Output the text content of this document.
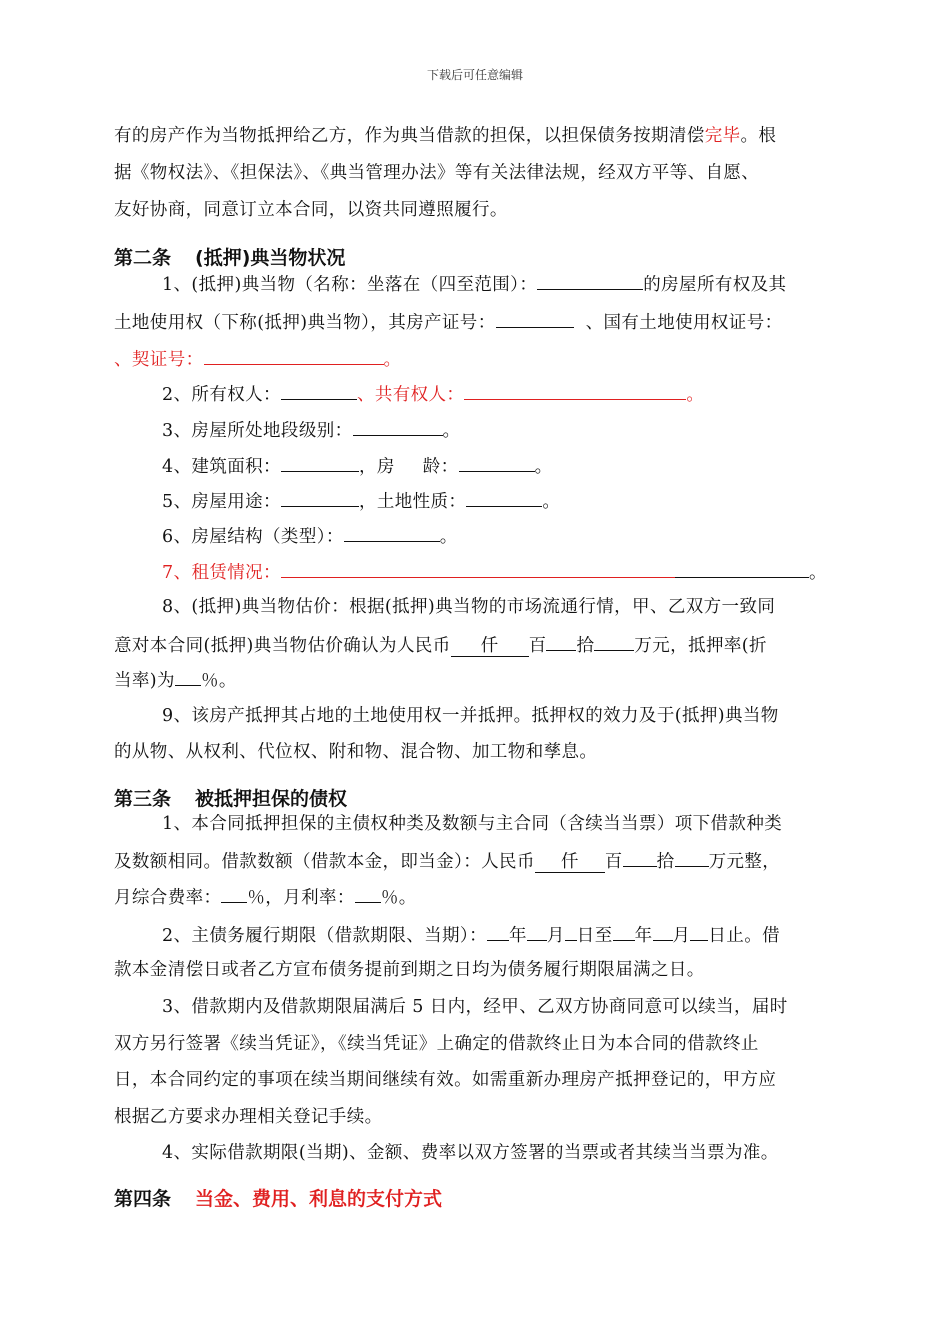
下载后可任意编辑
有的房产作为当物抵押给乙方，作为典当借款的担保，以担保债务按期清偿完毕。根
据《物权法》、《担保法》、《典当管理办法》等有关法律法规，经双方平等、自愿、
友好协商，同意订立本合同，以资共同遵照履行。
第二条 (抵押)典当物状况
1、(抵押)典当物（名称：坐落在（四至范围）：	的房屋所有权及其
土地使用权（下称(抵押)典当物），其房产证号：	、国有土地使用权证号：
、契证号：	。
2、所有权人：	、共有权人：	。
3、房屋所处地段级别：	。
4、建筑面积：	，房 龄：	。
5、房屋用途：	，土地性质：	。
6、房屋结构（类型）：	。
7、租赁情况：	。
8、(抵押)典当物估价：根据(抵押)典当物的市场流通行情，甲、乙双方一致同
意对本合同(抵押)典当物估价确认为人民币 仟 百 拾 万元，抵押率(折
当率)为 ％。
9、该房产抵押其占地的土地使用权一并抵押。抵押权的效力及于(抵押)典当物
的从物、从权利、代位权、附和物、混合物、加工物和孳息。
第三条 被抵押担保的债权
1、本合同抵押担保的主债权种类及数额与主合同（含续当当票）项下借款种类
及数额相同。借款数额（借款本金，即当金）：人民币 仟 百 拾 万元整，
月综合费率： ％，月利率： ％。
2、主债务履行期限（借款期限、当期）： 年 月 日至 年 月 日止。借
款本金清偿日或者乙方宣布债务提前到期之日均为债务履行期限届满之日。
3、借款期内及借款期限届满后 5 日内，经甲、乙双方协商同意可以续当，届时
双方另行签署《续当凭证》，《续当凭证》上确定的借款终止日为本合同的借款终止
日，本合同约定的事项在续当期间继续有效。如需重新办理房产抵押登记的，甲方应
根据乙方要求办理相关登记手续。
4、实际借款期限(当期)、金额、费率以双方签署的当票或者其续当当票为准。
第四条 当金、费用、利息的支付方式
